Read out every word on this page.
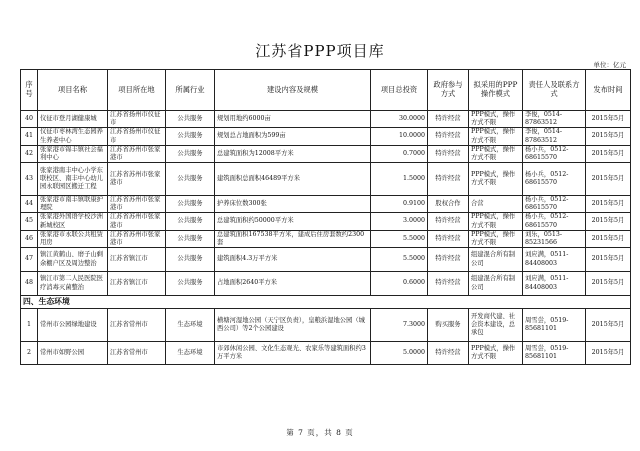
江苏省PPP项目库
单位：亿元
序号	项目名称	项目所在地	所属行业	建设内容及规模	项目总投资	政府参与方式	拟采用的PPP操作模式	责任人及联系方式	发布时间
40	仪征市登月湖健康城	江苏省扬州市仪征市	公共服务	规划用地约6000亩	30.0000	特许经营	PPP模式，操作方式不限	李俊，0514-87863512	2015年5月
41	仪征市枣林湾生态园养生养老中心	江苏省扬州市仪征市	公共服务	规划总占地面积为599亩	10.0000	特许经营	PPP模式，操作方式不限	李俊，0514-87863512	2015年5月
42	张家港市锦丰镇社会福利中心	江苏省苏州市张家港市	公共服务	总建筑面积为12008平方米	0.7000	特许经营	PPP模式，操作方式不限	杨小兵，0512-68615570	2015年5月
43	张家港南丰中心小学东联校区、南丰中心幼儿园永联园区搬迁工程	江苏省苏州市张家港市	公共服务	建筑面积总面积46489平方米	1.5000	特许经营	PPP模式，操作方式不限	杨小兵，0512-68615570	2015年5月
44	张家港市南丰镇联康护理院	江苏省苏州市张家港市	公共服务	护养床位数300张	0.9100	股权合作	合营	杨小兵，0512-68615570	2015年5月
45	张家港外国语学校沙洲新城校区	江苏省苏州市张家港市	公共服务	总建筑面积约50000平方米	3.0000	特许经营	PPP模式，操作方式不限	杨小兵，0512-68615570	2015年5月
46	张家港市永联公共租赁用房	江苏省苏州市张家港市	公共服务	总建筑面积167538平方米，建成后住房套数约2300套	5.5000	特许经营	PPP模式，操作方式不限	刘乐，0513-85231566	2015年5月
47	镇江黄鹤山、磨子山剩余棚户区及周边整治	江苏省镇江市	公共服务	建筑面积4.3万平方米	5.5000	特许经营	组建混合所有制公司	刘应满，0511-84408003	2015年5月
48	镇江市第二人民医院医疗消毒灭菌整治	江苏省镇江市	公共服务	占地面积2640平方米	0.6000	特许经营	组建混合所有制公司	刘应满，0511-84408003	2015年5月
四、生态环境									
1	常州市公园绿地建设	江苏省常州市	生态环境	横塘河湿地公园（天宁区负责），皇粮浜湿地公园（城西公司）等2个公园建设	7.3000	购买服务	开发商代建、社会资本建设，总承包	周雪尝，0519-85681101	2015年5月
2	常州市如野公园	江苏省常州市	生态环境	市郊休闲公园、文化生态观光、农家乐等建筑面积约3万平方米	5.0000	特许经营	PPP模式，操作方式不限	周雪尝，0519-85681101	2015年5月
第 7 页，共 8 页
